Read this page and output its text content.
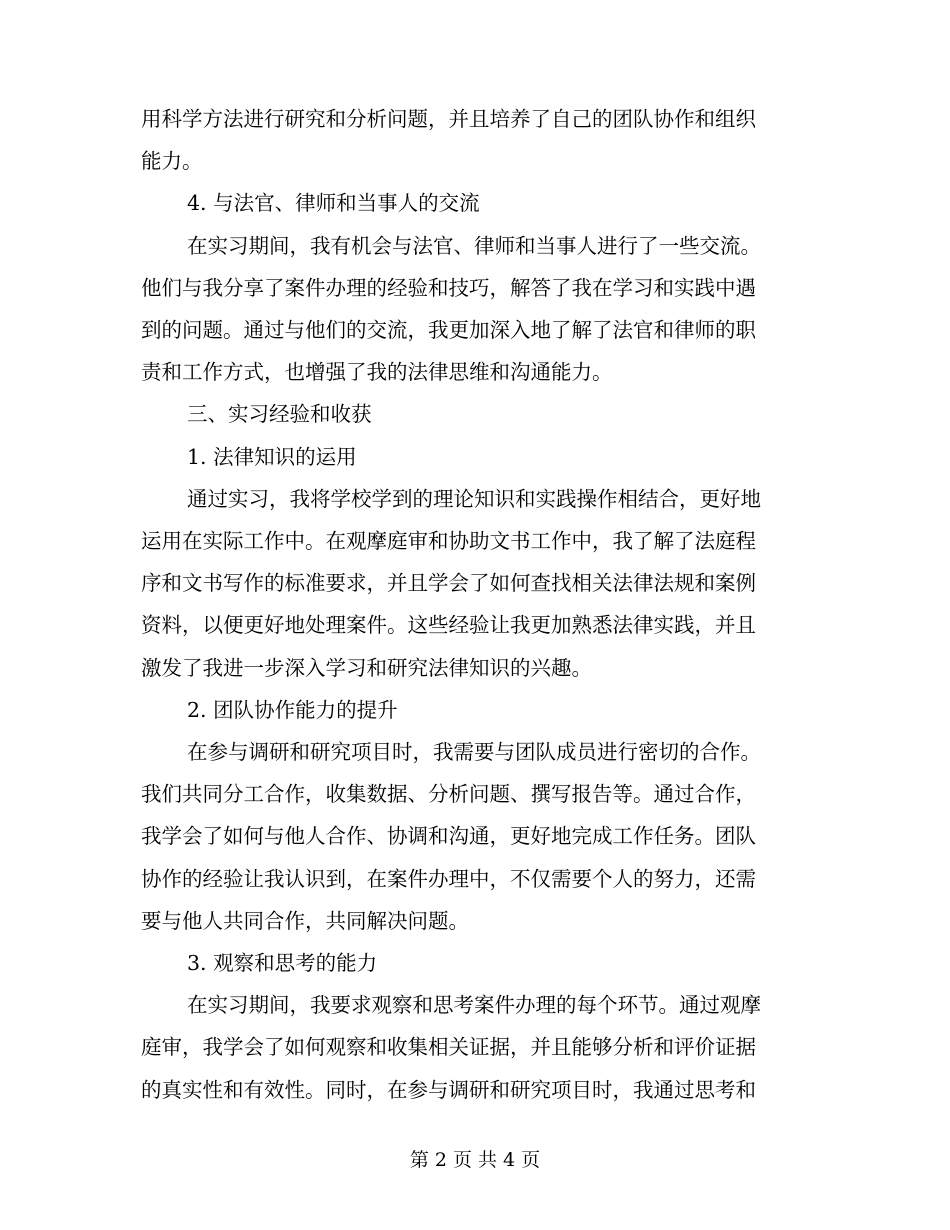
用科学方法进行研究和分析问题，并且培养了自己的团队协作和组织
能力。
4. 与法官、律师和当事人的交流
在实习期间，我有机会与法官、律师和当事人进行了一些交流。
他们与我分享了案件办理的经验和技巧，解答了我在学习和实践中遇
到的问题。通过与他们的交流，我更加深入地了解了法官和律师的职
责和工作方式，也增强了我的法律思维和沟通能力。
三、实习经验和收获
1. 法律知识的运用
通过实习，我将学校学到的理论知识和实践操作相结合，更好地
运用在实际工作中。在观摩庭审和协助文书工作中，我了解了法庭程
序和文书写作的标准要求，并且学会了如何查找相关法律法规和案例
资料，以便更好地处理案件。这些经验让我更加熟悉法律实践，并且
激发了我进一步深入学习和研究法律知识的兴趣。
2. 团队协作能力的提升
在参与调研和研究项目时，我需要与团队成员进行密切的合作。
我们共同分工合作，收集数据、分析问题、撰写报告等。通过合作，
我学会了如何与他人合作、协调和沟通，更好地完成工作任务。团队
协作的经验让我认识到，在案件办理中，不仅需要个人的努力，还需
要与他人共同合作，共同解决问题。
3. 观察和思考的能力
在实习期间，我要求观察和思考案件办理的每个环节。通过观摩
庭审，我学会了如何观察和收集相关证据，并且能够分析和评价证据
的真实性和有效性。同时，在参与调研和研究项目时，我通过思考和
第 2 页 共 4 页
